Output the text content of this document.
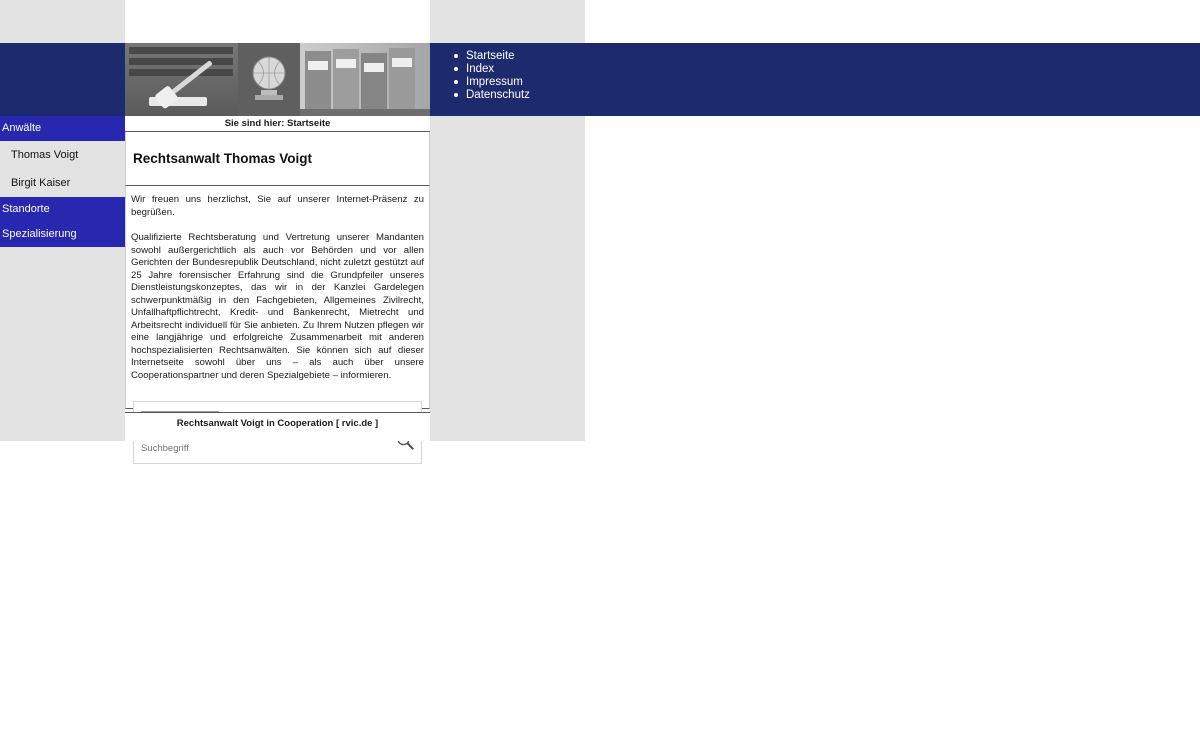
Startseite
Index
Impressum
Datenschutz
Anwälte
Thomas Voigt
Birgit Kaiser
Standorte
Spezialisierung
Sie sind hier: Startseite
Rechtsanwalt Thomas Voigt

Wir freuen uns herzlichst, Sie auf unserer Internet-Präsenz zu begrüßen.

Qualifizierte Rechtsberatung und Vertretung unserer Mandanten sowohl außergerichtlich als auch vor Behörden und vor allen Gerichten der Bundesrepublik Deutschland, nicht zuletzt gestützt auf 25 Jahre forensischer Erfahrung sind die Grundpfeiler unseres Dienstleistungskonzeptes, das wir in der Kanzlei Gardelegen schwerpunktmäßig in den Fachgebieten, Allgemeines Zivilrecht, Unfallhaftpflichtrecht, Kredit- und Bankenrecht, Mietrecht und Arbeitsrecht individuell für Sie anbieten. Zu Ihrem Nutzen pflegen wir eine langjährige und erfolgreiche Zusammenarbeit mit anderen hochspezialisierten Rechtsanwälten. Sie können sich auf dieser Internetseite sowohl über uns – als auch über unsere Cooperationspartner und deren Spezialgebiete – informieren.

alle Rechtsgebiete
Suchbegriff
Rechtsanwalt Voigt in Cooperation [ rvic.de ]
